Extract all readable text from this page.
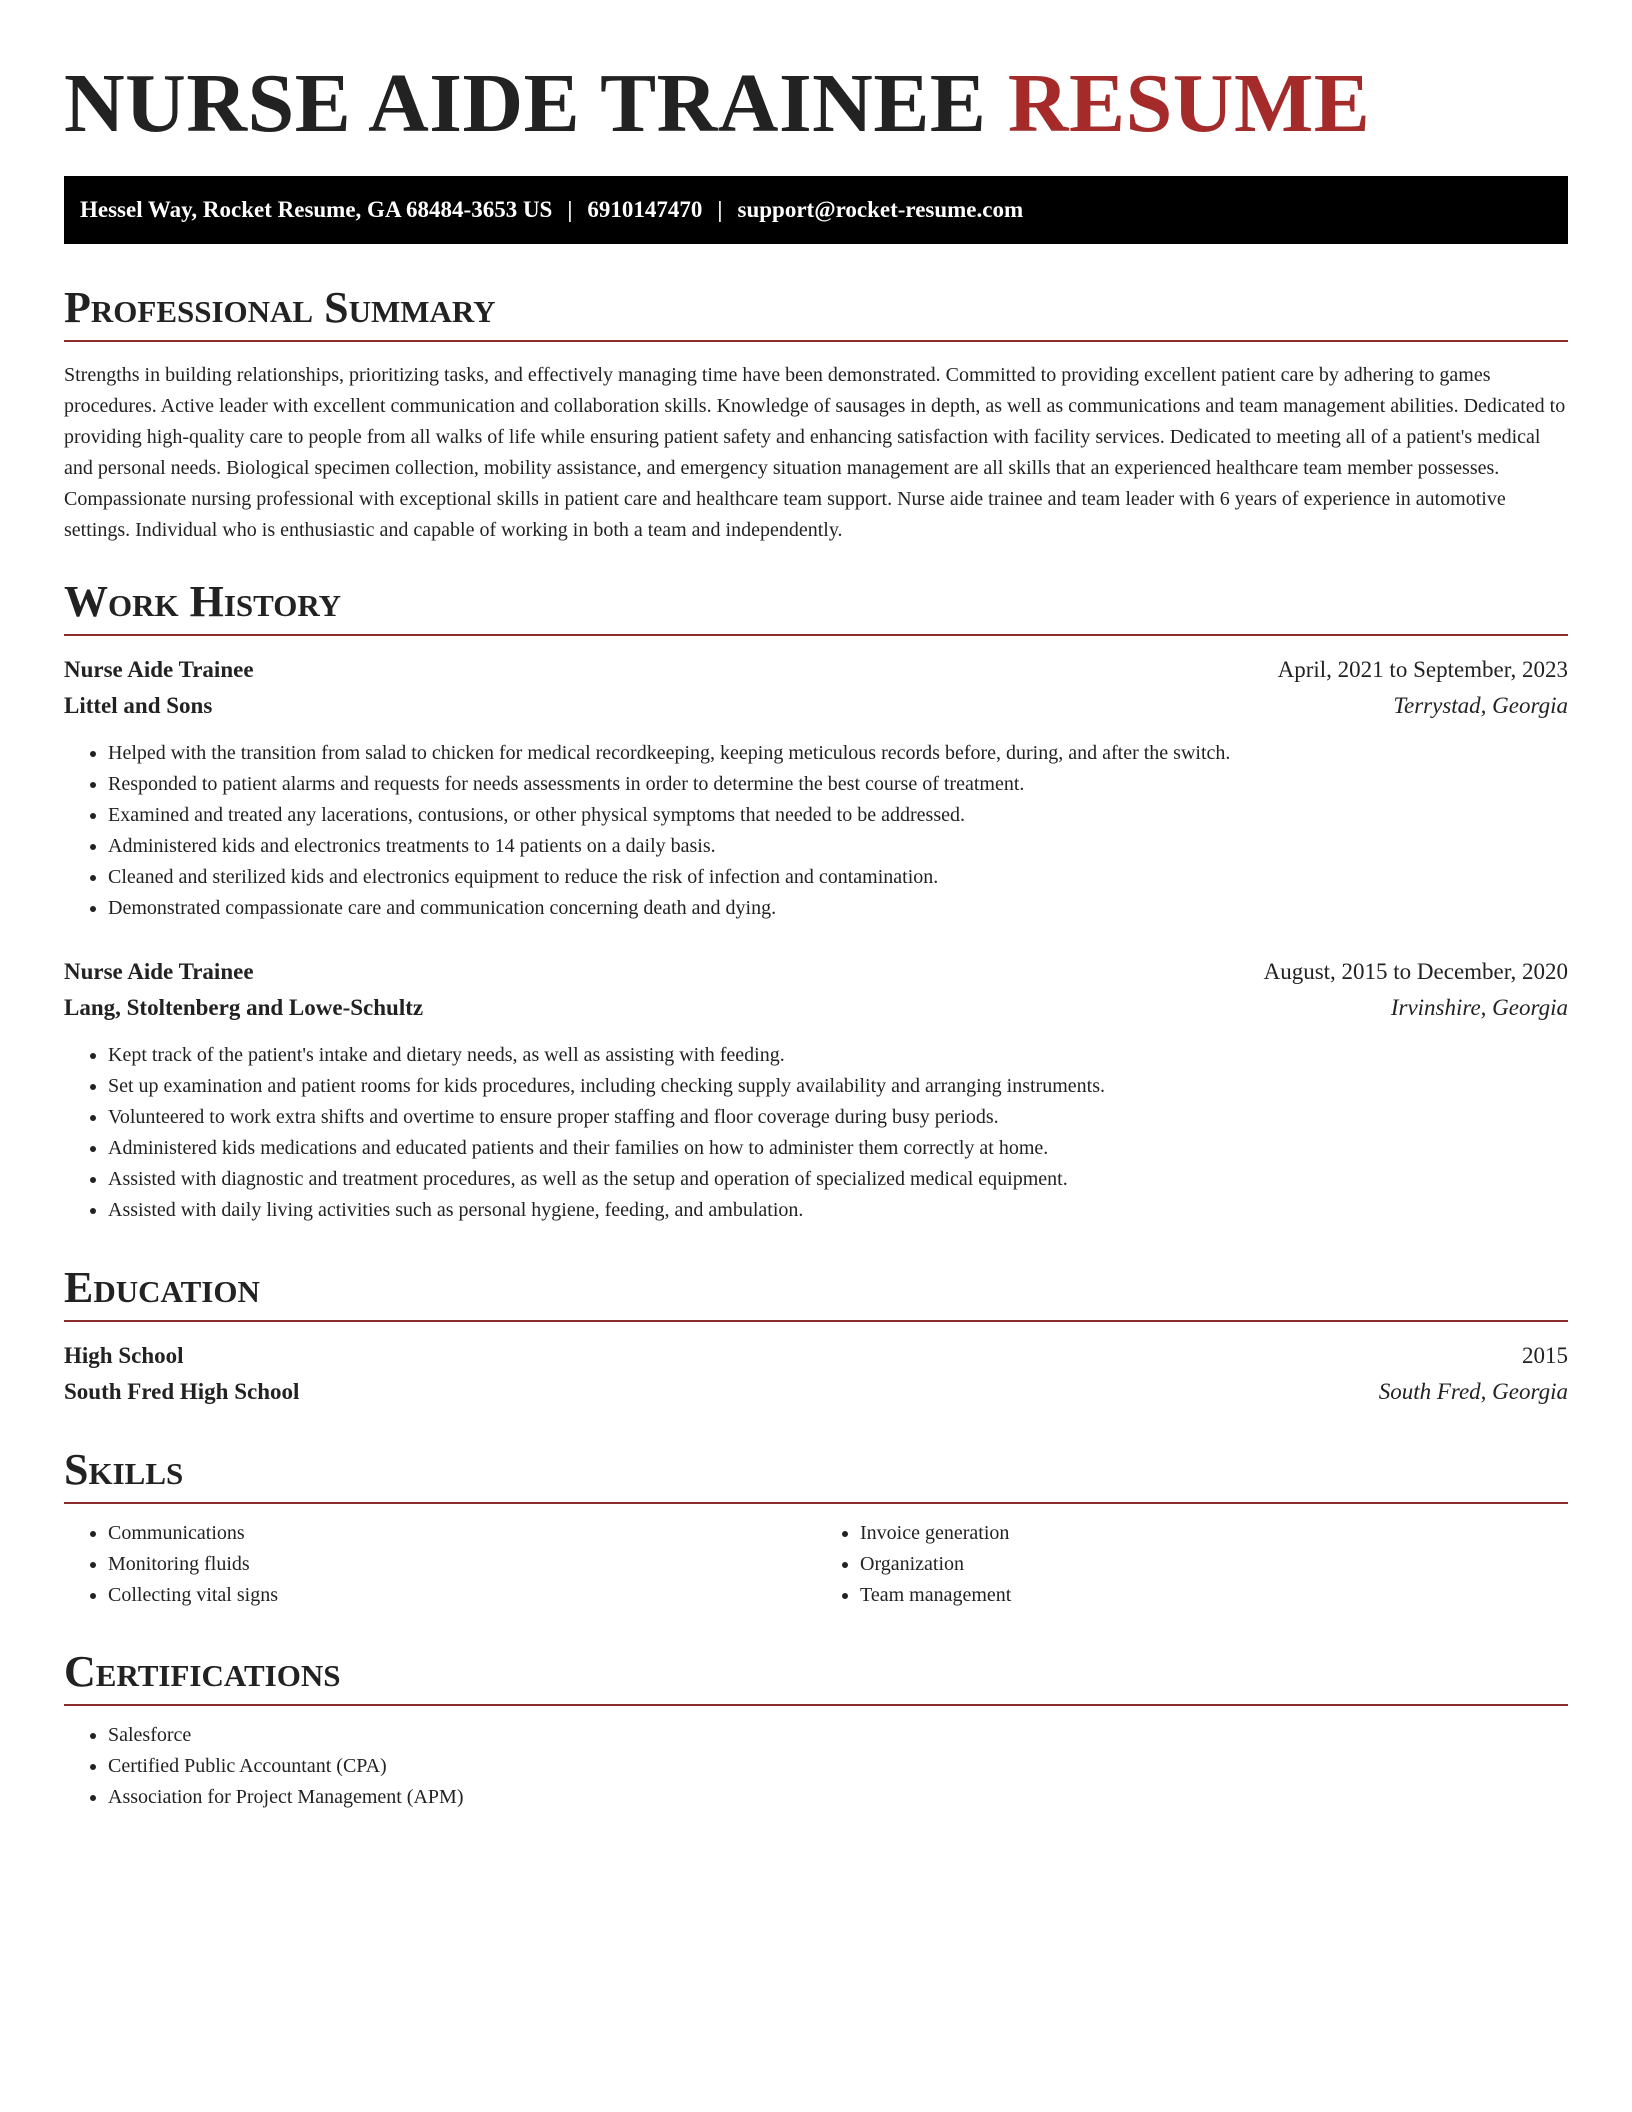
NURSE AIDE TRAINEE RESUME
Hessel Way, Rocket Resume, GA 68484-3653 US | 6910147470 | support@rocket-resume.com
Professional Summary

Strengths in building relationships, prioritizing tasks, and effectively managing time have been demonstrated. Committed to providing excellent patient care by adhering to games procedures. Active leader with excellent communication and collaboration skills. Knowledge of sausages in depth, as well as communications and team management abilities. Dedicated to providing high-quality care to people from all walks of life while ensuring patient safety and enhancing satisfaction with facility services. Dedicated to meeting all of a patient's medical and personal needs. Biological specimen collection, mobility assistance, and emergency situation management are all skills that an experienced healthcare team member possesses. Compassionate nursing professional with exceptional skills in patient care and healthcare team support. Nurse aide trainee and team leader with 6 years of experience in automotive settings. Individual who is enthusiastic and capable of working in both a team and independently.

Work History
Nurse Aide Trainee	April, 2021 to September, 2023
Littel and Sons	Terrystad, Georgia
• Helped with the transition from salad to chicken for medical recordkeeping, keeping meticulous records before, during, and after the switch.
• Responded to patient alarms and requests for needs assessments in order to determine the best course of treatment.
• Examined and treated any lacerations, contusions, or other physical symptoms that needed to be addressed.
• Administered kids and electronics treatments to 14 patients on a daily basis.
• Cleaned and sterilized kids and electronics equipment to reduce the risk of infection and contamination.
• Demonstrated compassionate care and communication concerning death and dying.
Nurse Aide Trainee	August, 2015 to December, 2020
Lang, Stoltenberg and Lowe-Schultz	Irvinshire, Georgia
• Kept track of the patient's intake and dietary needs, as well as assisting with feeding.
• Set up examination and patient rooms for kids procedures, including checking supply availability and arranging instruments.
• Volunteered to work extra shifts and overtime to ensure proper staffing and floor coverage during busy periods.
• Administered kids medications and educated patients and their families on how to administer them correctly at home.
• Assisted with diagnostic and treatment procedures, as well as the setup and operation of specialized medical equipment.
• Assisted with daily living activities such as personal hygiene, feeding, and ambulation.
Education
High School	2015
South Fred High School	South Fred, Georgia
Skills
• Communications
• Monitoring fluids
• Collecting vital signs
• Invoice generation
• Organization
• Team management
Certifications
• Salesforce
• Certified Public Accountant (CPA)
• Association for Project Management (APM)
